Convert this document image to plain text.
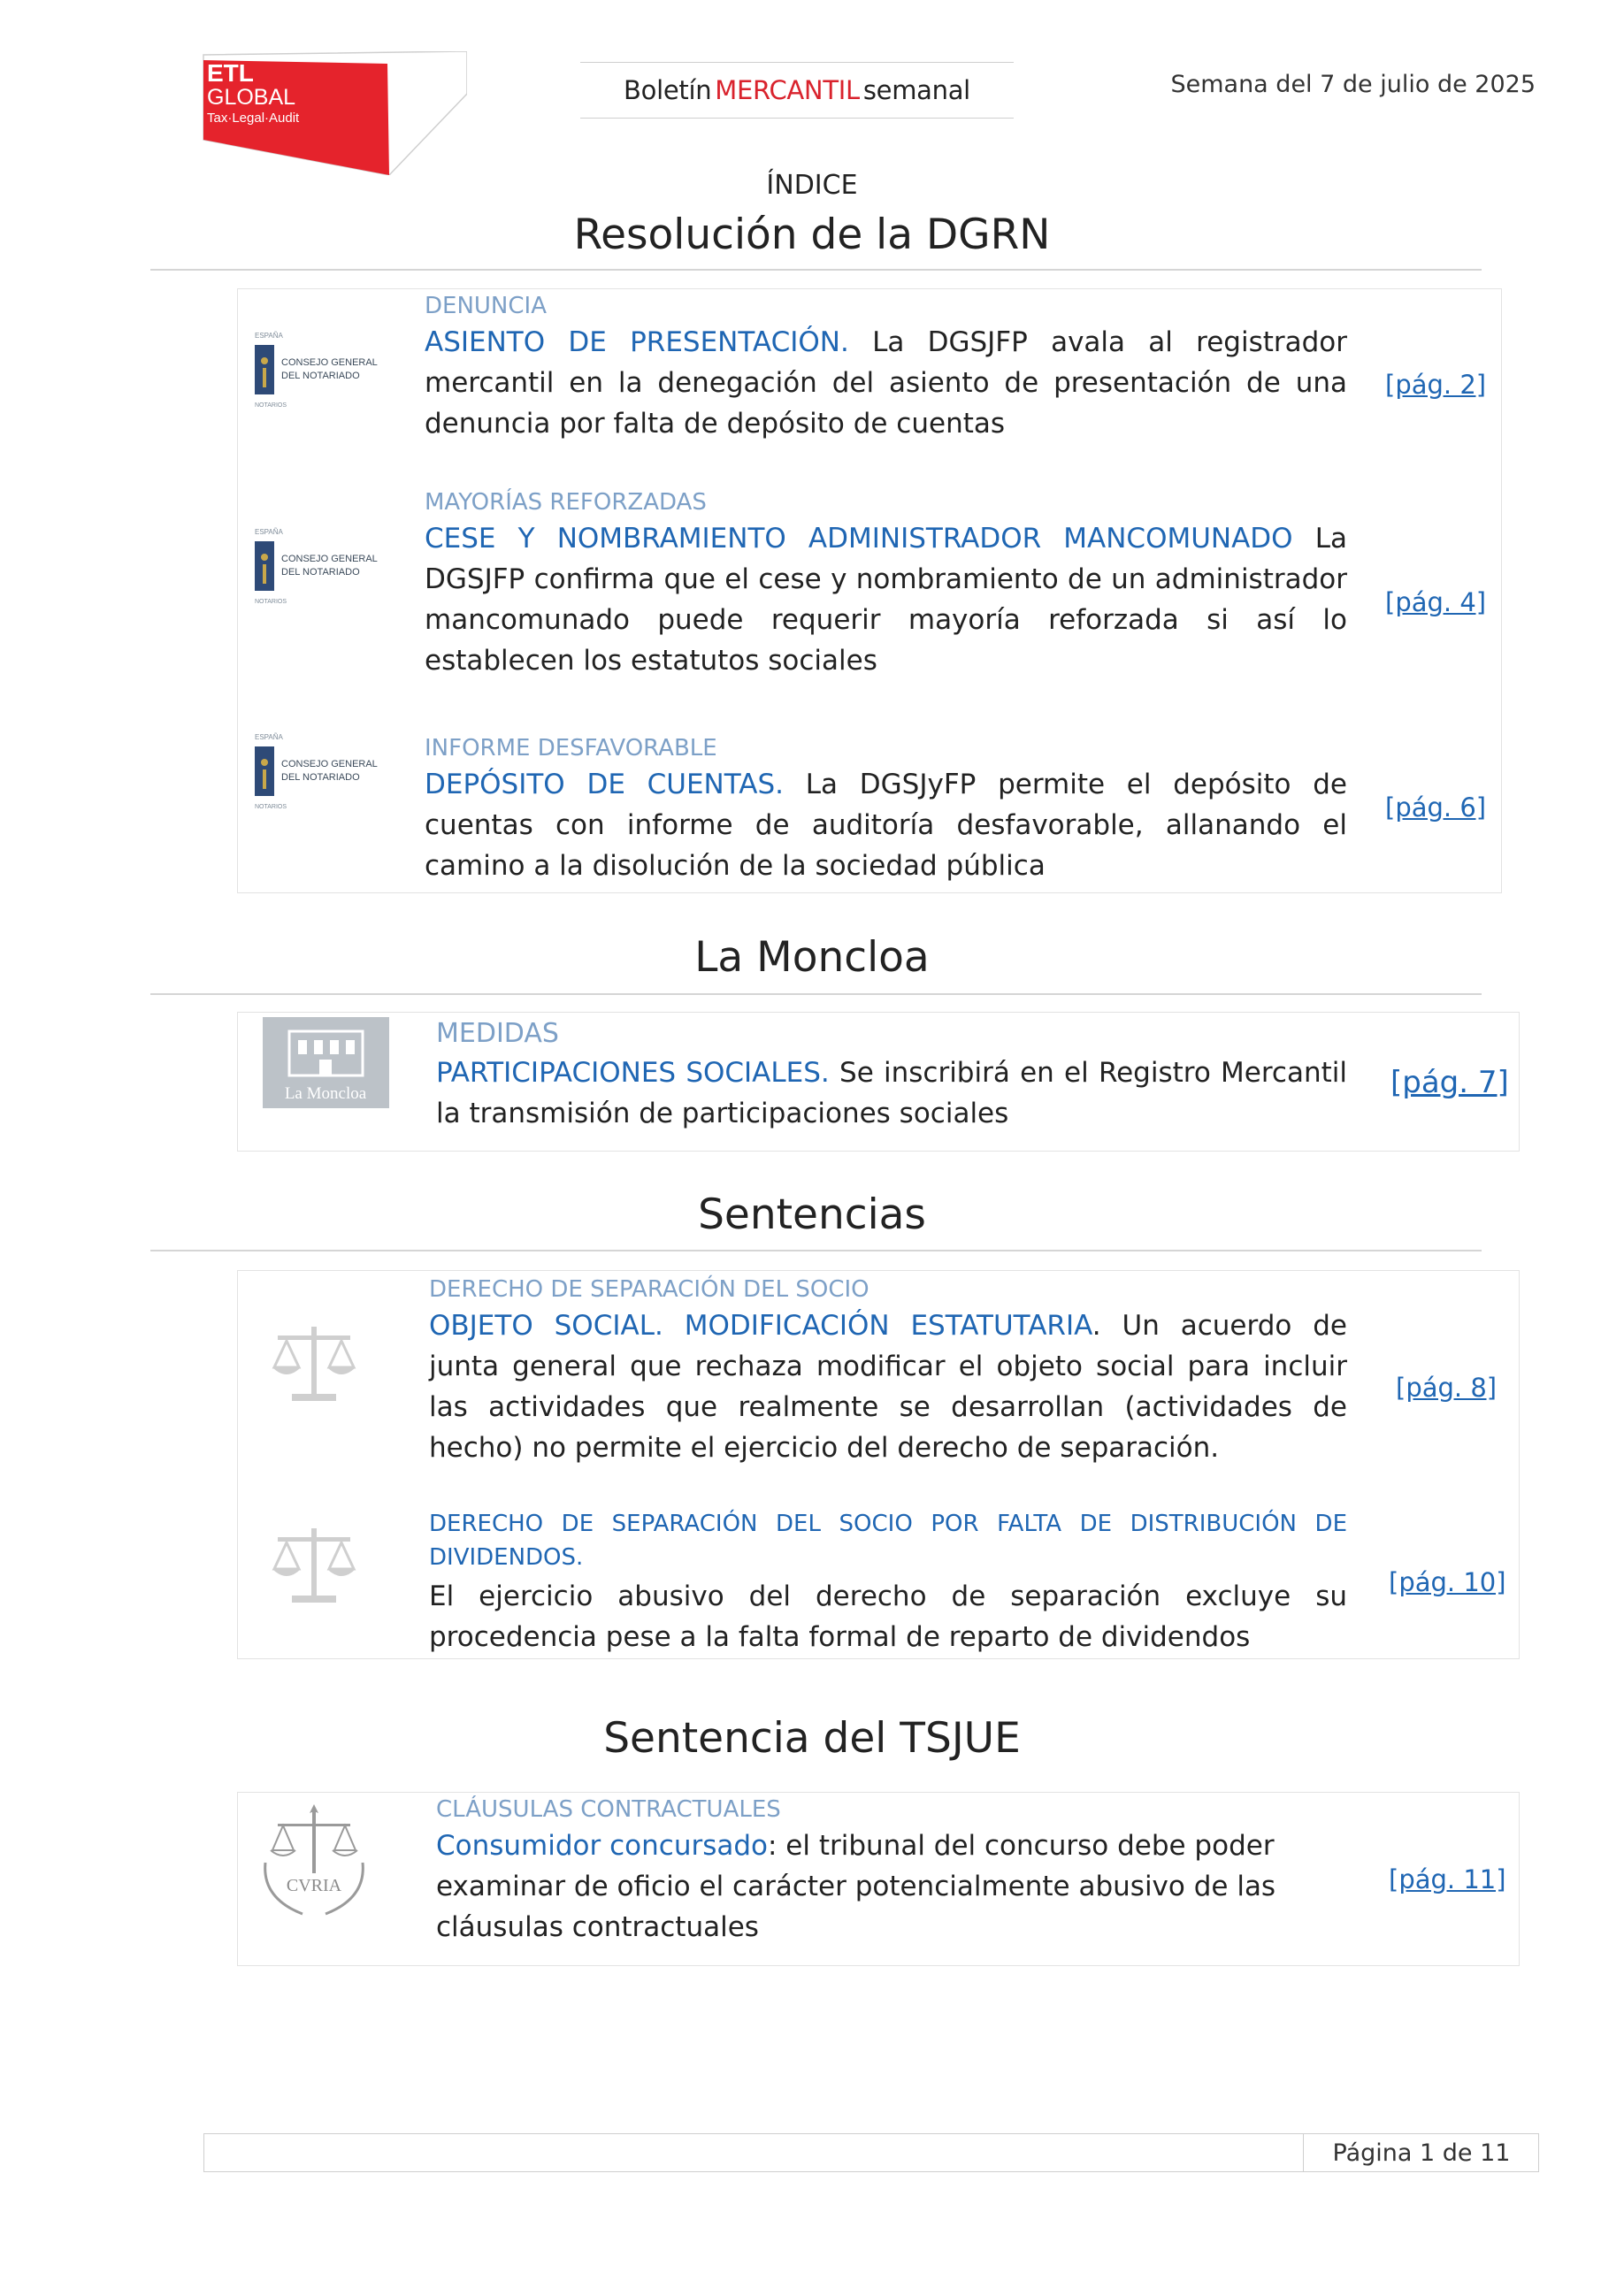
ETL
GLOBAL
Tax·Legal·Audit
Boletín MERCANTIL semanal	Semana del 7 de julio de 2025
ÍNDICE
Resolución de la DGRN
ESPAÑA
CONSEJO GENERAL
DEL NOTARIADO
NOTARIOS
ESPAÑA
CONSEJO GENERAL
DEL NOTARIADO
NOTARIOS
ESPAÑA
CONSEJO GENERAL
DEL NOTARIADO
NOTARIOS
DENUNCIA
ASIENTO DE PRESENTACIÓN. La DGSJFP avala al registrador mercantil en la denegación del asiento de presentación de una denuncia por falta de depósito de cuentas
[pág. 2]
MAYORÍAS REFORZADAS
CESE Y NOMBRAMIENTO ADMINISTRADOR MANCOMUNADO La DGSJFP confirma que el cese y nombramiento de un administrador mancomunado puede requerir mayoría reforzada si así lo establecen los estatutos sociales
[pág. 4]
INFORME DESFAVORABLE
DEPÓSITO DE CUENTAS. La DGSJyFP permite el depósito de cuentas con informe de auditoría desfavorable, allanando el camino a la disolución de la sociedad pública
[pág. 6]
La Moncloa
La Moncloa
MEDIDAS
PARTICIPACIONES SOCIALES. Se inscribirá en el Registro Mercantil la transmisión de participaciones sociales
[pág. 7]
Sentencias
DERECHO DE SEPARACIÓN DEL SOCIO
OBJETO SOCIAL. MODIFICACIÓN ESTATUTARIA. Un acuerdo de junta general que rechaza modificar el objeto social para incluir las actividades que realmente se desarrollan (actividades de hecho) no permite el ejercicio del derecho de separación.
[pág. 8]
DERECHO DE SEPARACIÓN DEL SOCIO POR FALTA DE DISTRIBUCIÓN DE DIVIDENDOS.
El ejercicio abusivo del derecho de separación excluye su procedencia pese a la falta formal de reparto de dividendos
[pág. 10]
Sentencia del TSJUE
CVRIA
CLÁUSULAS CONTRACTUALES
Consumidor concursado: el tribunal del concurso debe poder examinar de oficio el carácter potencialmente abusivo de las cláusulas contractuales
[pág. 11]
Página 1 de 11
